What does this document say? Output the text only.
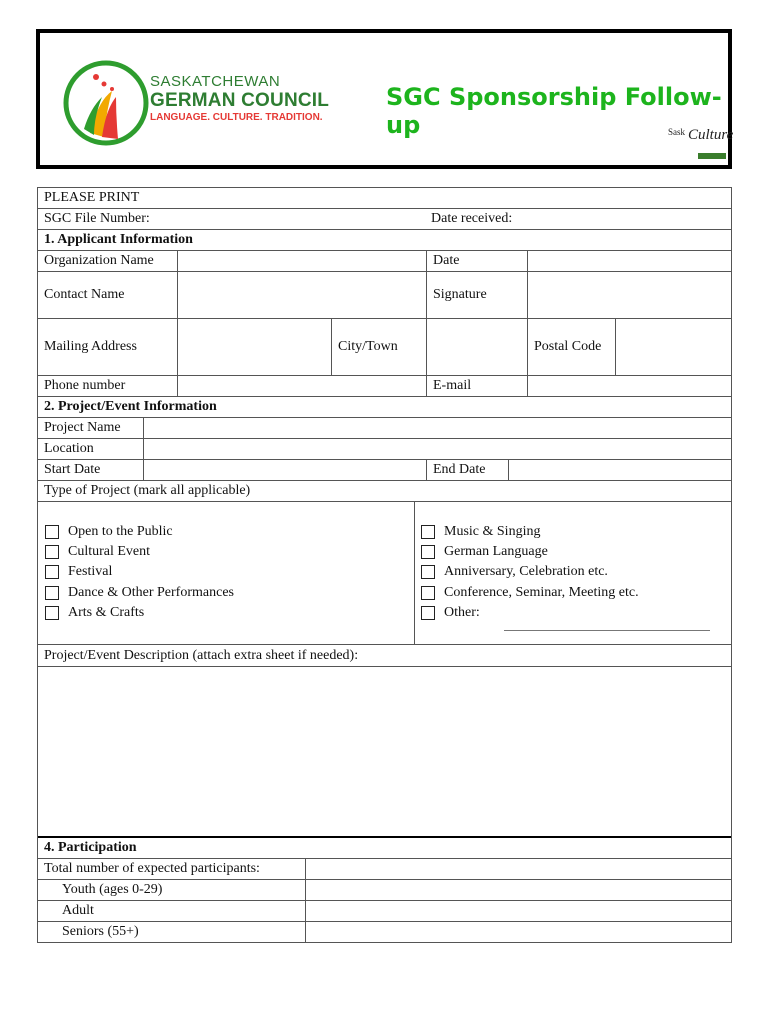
SASKATCHEWAN
GERMAN COUNCIL
LANGUAGE. CULTURE. TRADITION.
SGC Sponsorship Follow-up	Sask Culture
PLEASE PRINT
SGC File Number:	Date received:
1. Applicant Information
Organization Name	Date
Contact Name	Signature
Mailing Address	City/Town	Postal Code
Phone number	E-mail
2. Project/Event Information
Project Name
Location
Start Date	End Date
Type of Project (mark all applicable)
Open to the Public
Cultural Event
Festival
Dance & Other Performances
Arts & Crafts
Music & Singing
German Language
Anniversary, Celebration etc.
Conference, Seminar, Meeting etc.
Other:
Project/Event Description (attach extra sheet if needed):
4. Participation
Total number of expected participants:
Youth (ages 0-29)
Adult
Seniors (55+)
